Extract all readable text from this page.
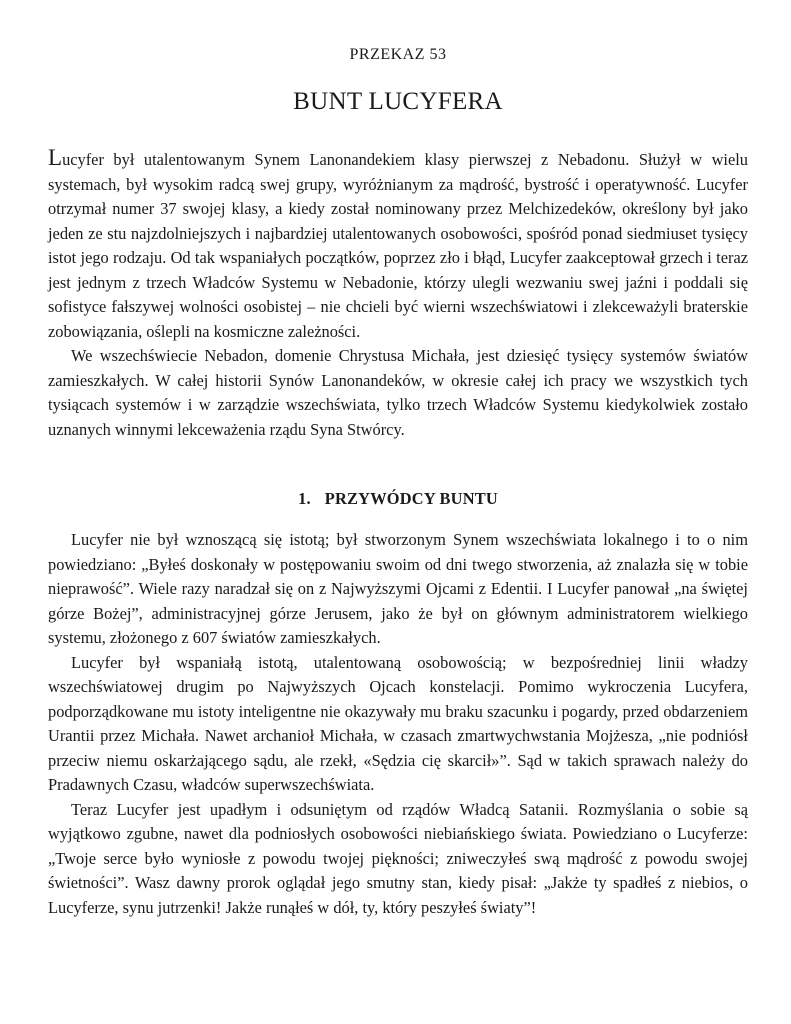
PRZEKAZ 53
BUNT LUCYFERA

Lucyfer był utalentowanym Synem Lanonandekiem klasy pierwszej z Nebadonu. Służył w wielu systemach, był wysokim radcą swej grupy, wyróżnianym za mądrość, bystrość i operatywność. Lucyfer otrzymał numer 37 swojej klasy, a kiedy został nominowany przez Melchizedeków, określony był jako jeden ze stu najzdolniejszych i najbardziej utalentowanych osobowości, spośród ponad siedmiuset tysięcy istot jego rodzaju. Od tak wspaniałych początków, poprzez zło i błąd, Lucyfer zaakceptował grzech i teraz jest jednym z trzech Władców Systemu w Nebadonie, którzy ulegli wezwaniu swej jaźni i poddali się sofistyce fałszywej wolności osobistej – nie chcieli być wierni wszechświatowi i zlekceważyli braterskie zobowiązania, oślepli na kosmiczne zależności.

We wszechświecie Nebadon, domenie Chrystusa Michała, jest dziesięć tysięcy systemów światów zamieszkałych. W całej historii Synów Lanonandeków, w okresie całej ich pracy we wszystkich tych tysiącach systemów i w zarządzie wszechświata, tylko trzech Władców Systemu kiedykolwiek zostało uznanych winnymi lekceważenia rządu Syna Stwórcy.

1. PRZYWÓDCY BUNTU

Lucyfer nie był wznoszącą się istotą; był stworzonym Synem wszechświata lokalnego i to o nim powiedziano: „Byłeś doskonały w postępowaniu swoim od dni twego stworzenia, aż znalazła się w tobie nieprawość”. Wiele razy naradzał się on z Najwyższymi Ojcami z Edentii. I Lucyfer panował „na świętej górze Bożej”, administracyjnej górze Jerusem, jako że był on głównym administratorem wielkiego systemu, złożonego z 607 światów zamieszkałych.

Lucyfer był wspaniałą istotą, utalentowaną osobowością; w bezpośredniej linii władzy wszechświatowej drugim po Najwyższych Ojcach konstelacji. Pomimo wykroczenia Lucyfera, podporządkowane mu istoty inteligentne nie okazywały mu braku szacunku i pogardy, przed obdarzeniem Urantii przez Michała. Nawet archanioł Michała, w czasach zmartwychwstania Mojżesza, „nie podniósł przeciw niemu oskarżającego sądu, ale rzekł, «Sędzia cię skarcił»”. Sąd w takich sprawach należy do Pradawnych Czasu, władców superwszechświata.

Teraz Lucyfer jest upadłym i odsuniętym od rządów Władcą Satanii. Rozmyślania o sobie są wyjątkowo zgubne, nawet dla podniosłych osobowości niebiańskiego świata. Powiedziano o Lucyferze: „Twoje serce było wyniosłe z powodu twojej piękności; zniweczyłeś swą mądrość z powodu swojej świetności”. Wasz dawny prorok oglądał jego smutny stan, kiedy pisał: „Jakże ty spadłeś z niebios, o Lucyferze, synu jutrzenki! Jakże runąłeś w dół, ty, który peszyłeś światy”!
